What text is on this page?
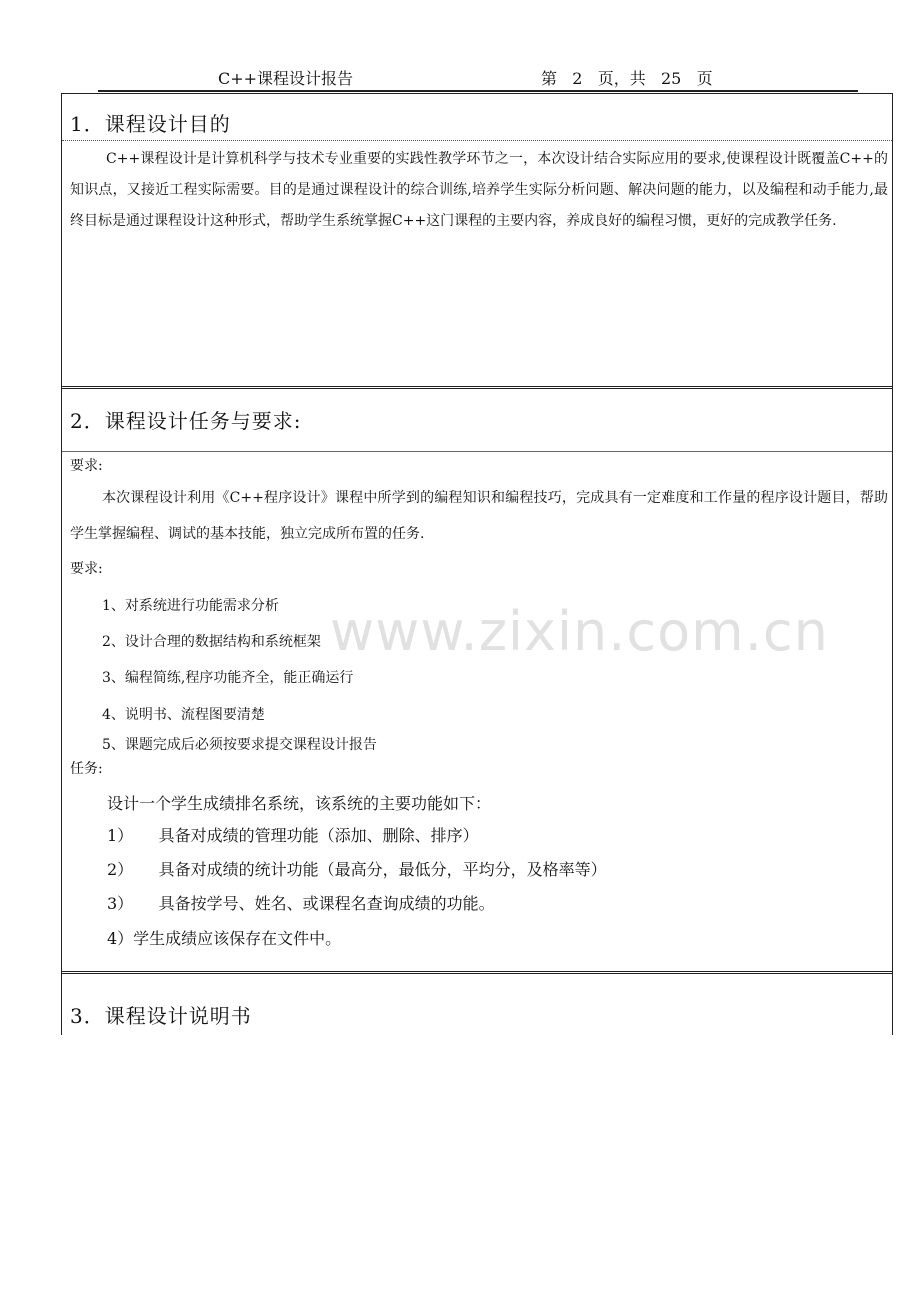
C++课程设计报告	第   2   页，共   25   页
1．课程设计目的
C++课程设计是计算机科学与技术专业重要的实践性教学环节之一，本次设计结合实际应用的要求,使课程设计既覆盖C++的知识点，又接近工程实际需要。目的是通过课程设计的综合训练,培养学生实际分析问题、解决问题的能力，以及编程和动手能力,最终目标是通过课程设计这种形式，帮助学生系统掌握C++这门课程的主要内容，养成良好的编程习惯，更好的完成教学任务.
2．课程设计任务与要求:
要求:
本次课程设计利用《C++程序设计》课程中所学到的编程知识和编程技巧，完成具有一定难度和工作量的程序设计题目，帮助学生掌握编程、调试的基本技能，独立完成所布置的任务.
要求:
1、对系统进行功能需求分析
2、设计合理的数据结构和系统框架
3、编程简练,程序功能齐全，能正确运行
4、说明书、流程图要清楚
5、课题完成后必须按要求提交课程设计报告
任务:
设计一个学生成绩排名系统，该系统的主要功能如下：
1）     具备对成绩的管理功能（添加、删除、排序）
2）     具备对成绩的统计功能（最高分，最低分，平均分，及格率等）
3）     具备按学号、姓名、或课程名查询成绩的功能。
4）学生成绩应该保存在文件中。
3．课程设计说明书
www.zixin.com.cn
